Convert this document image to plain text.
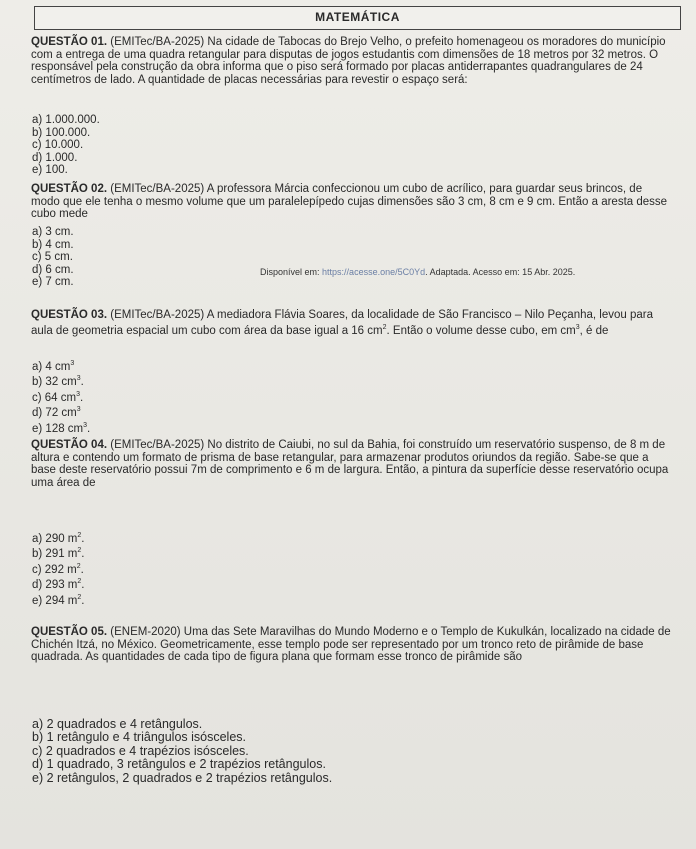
MATEMÁTICA
QUESTÃO 01. (EMITec/BA-2025) Na cidade de Tabocas do Brejo Velho, o prefeito homenageou os moradores do município com a entrega de uma quadra retangular para disputas de jogos estudantis com dimensões de 18 metros por 32 metros. O responsável pela construção da obra informa que o piso será formado por placas antiderrapantes quadrangulares de 24 centímetros de lado. A quantidade de placas necessárias para revestir o espaço será:
a) 1.000.000.
b) 100.000.
c) 10.000.
d) 1.000.
e) 100.
QUESTÃO 02. (EMITec/BA-2025) A professora Márcia confeccionou um cubo de acrílico, para guardar seus brincos, de modo que ele tenha o mesmo volume que um paralelepípedo cujas dimensões são 3 cm, 8 cm e 9 cm. Então a aresta desse cubo mede
a) 3 cm.
b) 4 cm.
c) 5 cm.
d) 6 cm.
e) 7 cm.
Disponível em: https://acesse.one/5C0Yd. Adaptada. Acesso em: 15 Abr. 2025.
QUESTÃO 03. (EMITec/BA-2025) A mediadora Flávia Soares, da localidade de São Francisco – Nilo Peçanha, levou para aula de geometria espacial um cubo com área da base igual a 16 $cm^2$. Então o volume desse cubo, em $cm^3$, é de
a) 4 $cm^3$
b) 32 $cm^3$.
c) 64 $cm^3$.
d) 72 $cm^3$
e) 128 $cm^3$.
QUESTÃO 04. (EMITec/BA-2025) No distrito de Caiubi, no sul da Bahia, foi construído um reservatório suspenso, de 8 m de altura e contendo um formato de prisma de base retangular, para armazenar produtos oriundos da região. Sabe-se que a base deste reservatório possui 7m de comprimento e 6 m de largura. Então, a pintura da superfície desse reservatório ocupa uma área de
a) 290 $m^2$.
b) 291 $m^2$.
c) 292 $m^2$.
d) 293 $m^2$.
e) 294 $m^2$.
QUESTÃO 05. (ENEM-2020) Uma das Sete Maravilhas do Mundo Moderno e o Templo de Kukulkán, localizado na cidade de Chichén Itzá, no México. Geometricamente, esse templo pode ser representado por um tronco reto de pirâmide de base quadrada. As quantidades de cada tipo de figura plana que formam esse tronco de pirâmide são
a) 2 quadrados e 4 retângulos.
b) 1 retângulo e 4 triângulos isósceles.
c) 2 quadrados e 4 trapézios isósceles.
d) 1 quadrado, 3 retângulos e 2 trapézios retângulos.
e) 2 retângulos, 2 quadrados e 2 trapézios retângulos.
